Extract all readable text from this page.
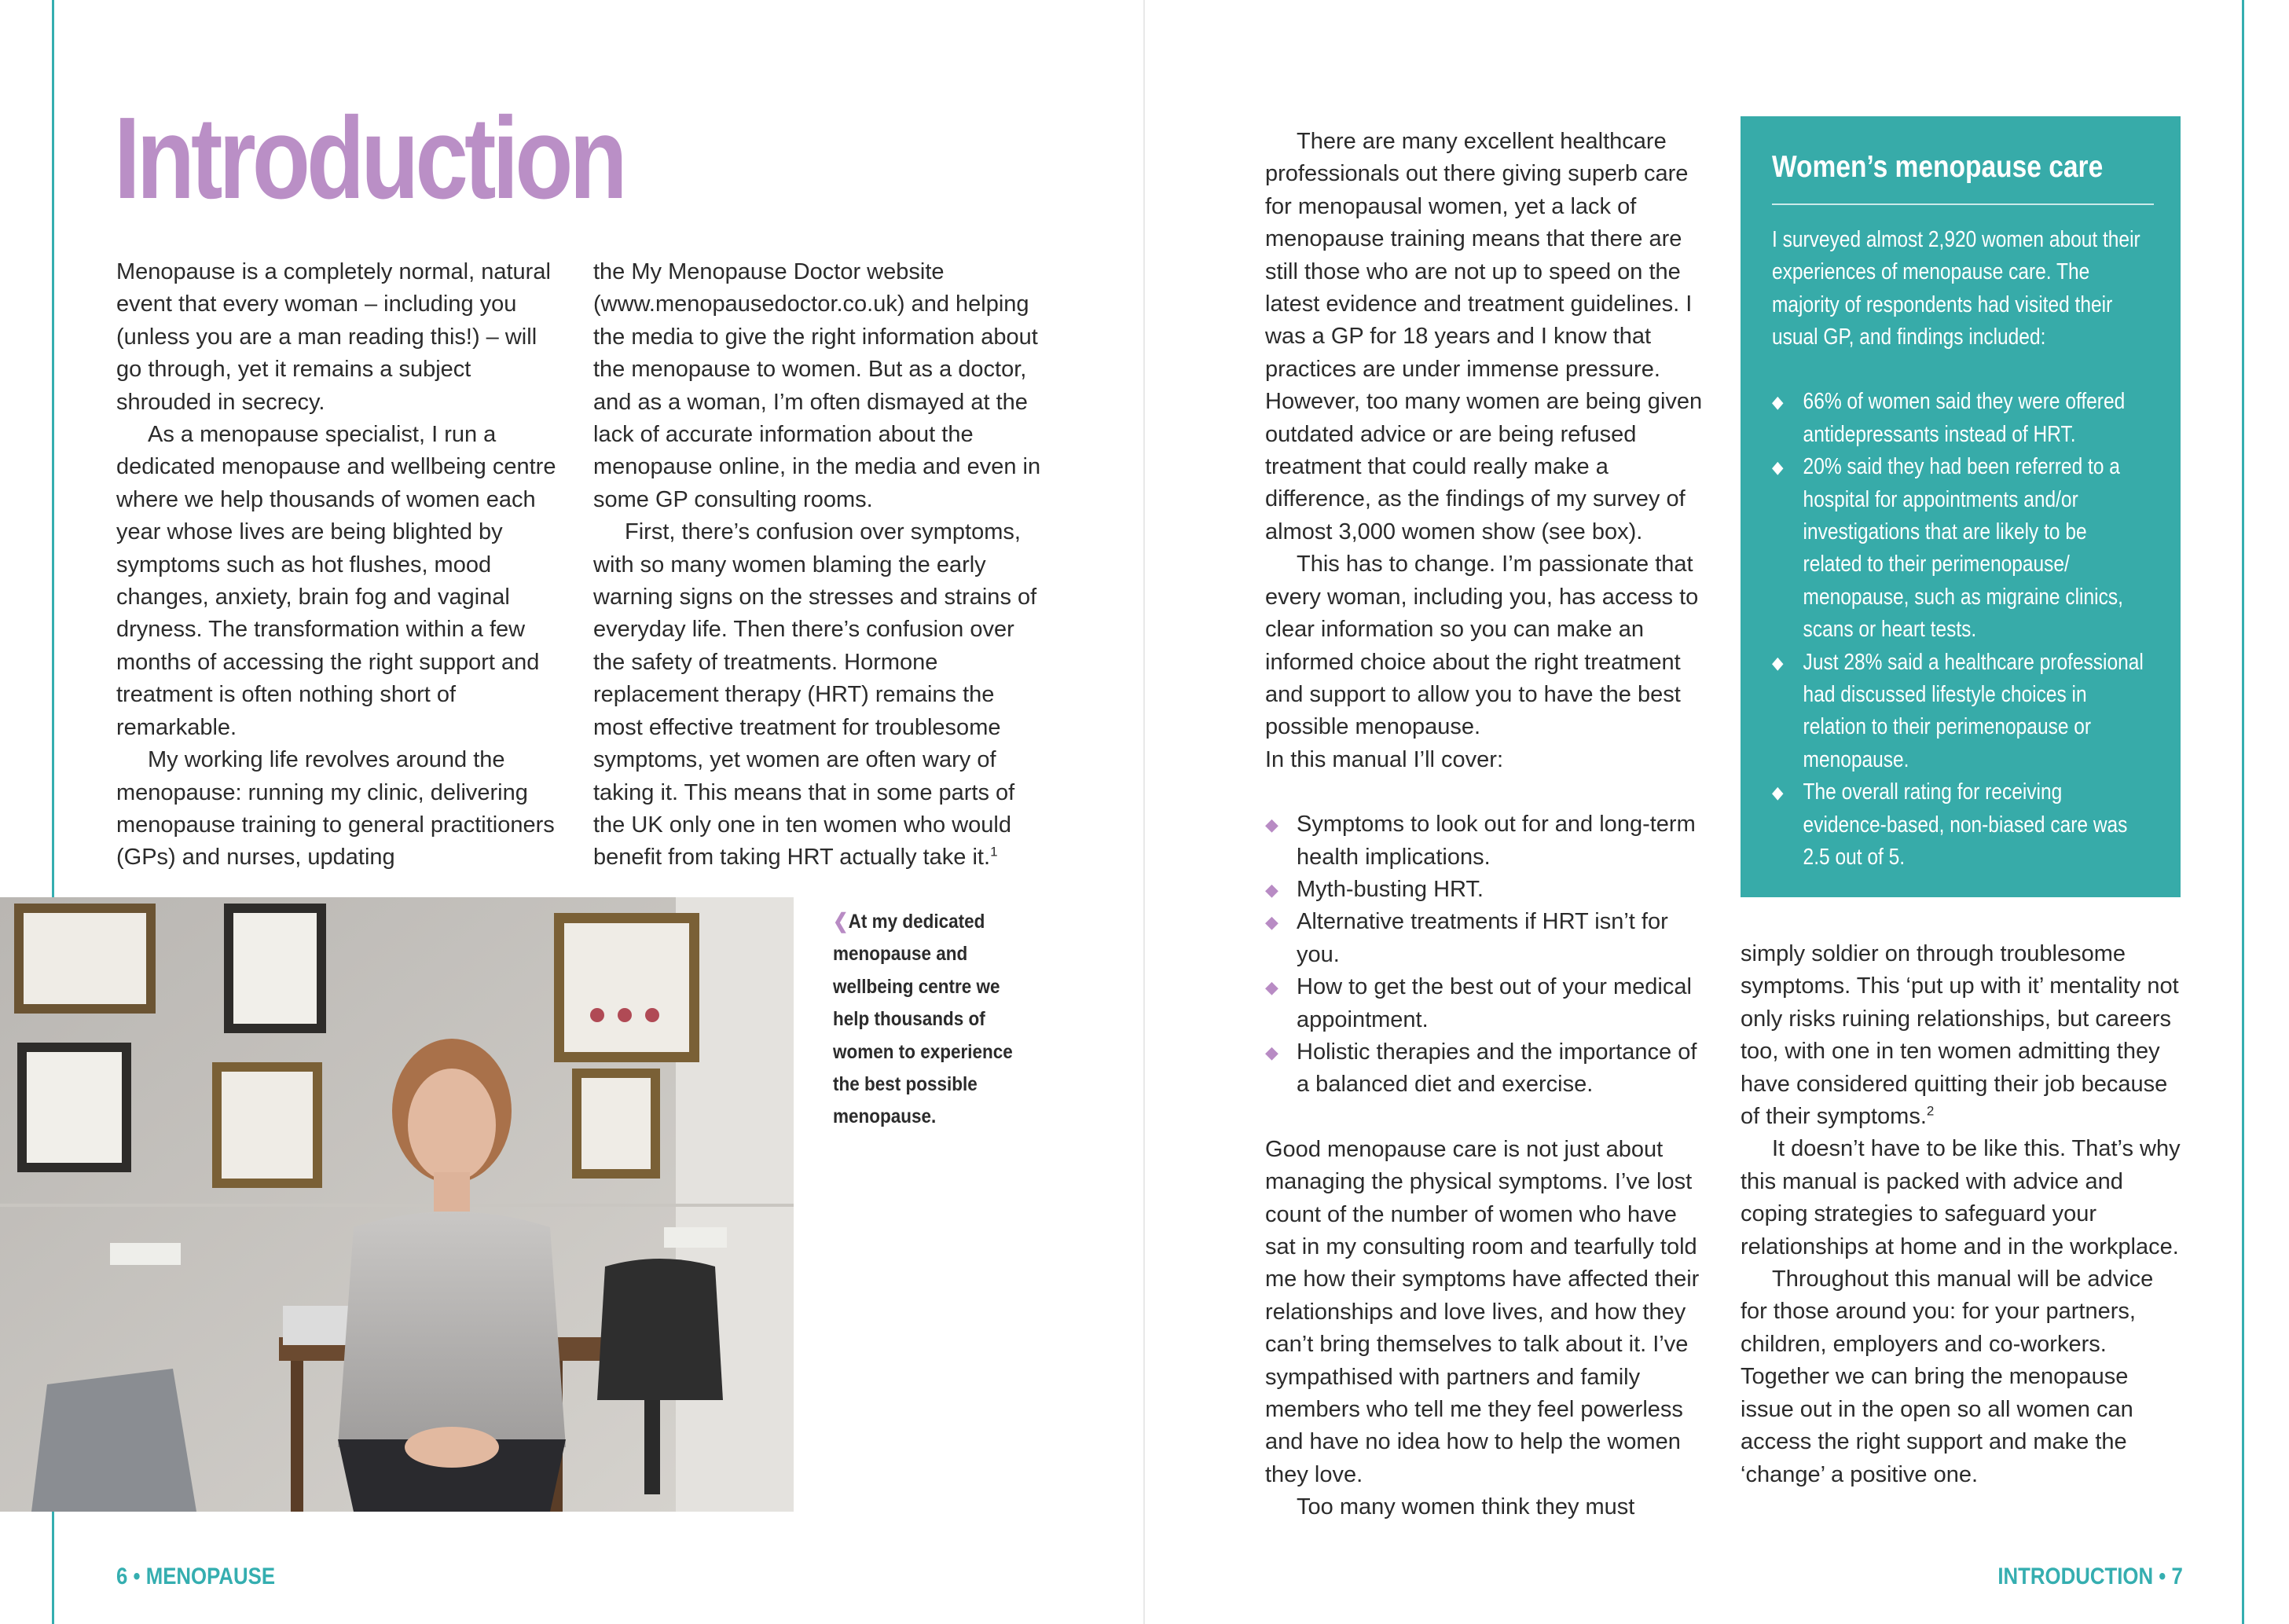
Introduction

Menopause is a completely normal, natural event that every woman – including you (unless you are a man reading this!) – will go through, yet it remains a subject shrouded in secrecy.

As a menopause specialist, I run a dedicated menopause and wellbeing centre where we help thousands of women each year whose lives are being blighted by symptoms such as hot flushes, mood changes, anxiety, brain fog and vaginal dryness. The transformation within a few months of accessing the right support and treatment is often nothing short of remarkable.

My working life revolves around the menopause: running my clinic, delivering menopause training to general practitioners (GPs) and nurses, updating

the My Menopause Doctor website (www.menopausedoctor.co.uk) and helping the media to give the right information about the menopause to women. But as a doctor, and as a woman, I’m often dismayed at the lack of accurate information about the menopause online, in the media and even in some GP consulting rooms.

First, there’s confusion over symptoms, with so many women blaming the early warning signs on the stresses and strains of everyday life. Then there’s confusion over the safety of treatments. Hormone replacement therapy (HRT) remains the most effective treatment for troublesome symptoms, yet women are often wary of taking it. This means that in some parts of the UK only one in ten women who would benefit from taking HRT actually take it.$^1$

❮At my dedicated menopause and wellbeing centre we help thousands of women to experience the best possible menopause.
6 • MENOPAUSE

There are many excellent healthcare professionals out there giving superb care for menopausal women, yet a lack of menopause training means that there are still those who are not up to speed on the latest evidence and treatment guidelines. I was a GP for 18 years and I know that practices are under immense pressure. However, too many women are being given outdated advice or are being refused treatment that could really make a difference, as the findings of my survey of almost 3,000 women show (see box).

This has to change. I’m passionate that every woman, including you, has access to clear information so you can make an informed choice about the right treatment and support to allow you to have the best possible menopause.

In this manual I’ll cover:

◆ Symptoms to look out for and long-term health implications.
◆ Myth-busting HRT.
◆ Alternative treatments if HRT isn’t for you.
◆ How to get the best out of your medical appointment.
◆ Holistic therapies and the importance of a balanced diet and exercise.

Good menopause care is not just about managing the physical symptoms. I’ve lost count of the number of women who have sat in my consulting room and tearfully told me how their symptoms have affected their relationships and love lives, and how they can’t bring themselves to talk about it. I’ve sympathised with partners and family members who tell me they feel powerless and have no idea how to help the women they love.

Too many women think they must

Women’s menopause care

I surveyed almost 2,920 women about their experiences of menopause care. The majority of respondents had visited their usual GP, and findings included:

◆ 66% of women said they were offered antidepressants instead of HRT.
◆ 20% said they had been referred to a hospital for appointments and/or investigations that are likely to be related to their perimenopause/ menopause, such as migraine clinics, scans or heart tests.
◆ Just 28% said a healthcare professional had discussed lifestyle choices in relation to their perimenopause or menopause.
◆ The overall rating for receiving evidence-based, non-biased care was 2.5 out of 5.

simply soldier on through troublesome symptoms. This ‘put up with it’ mentality not only risks ruining relationships, but careers too, with one in ten women admitting they have considered quitting their job because of their symptoms.$^2$

It doesn’t have to be like this. That’s why this manual is packed with advice and coping strategies to safeguard your relationships at home and in the workplace.

Throughout this manual will be advice for those around you: for your partners, children, employers and co-workers. Together we can bring the menopause issue out in the open so all women can access the right support and make the ‘change’ a positive one.

INTRODUCTION • 7
